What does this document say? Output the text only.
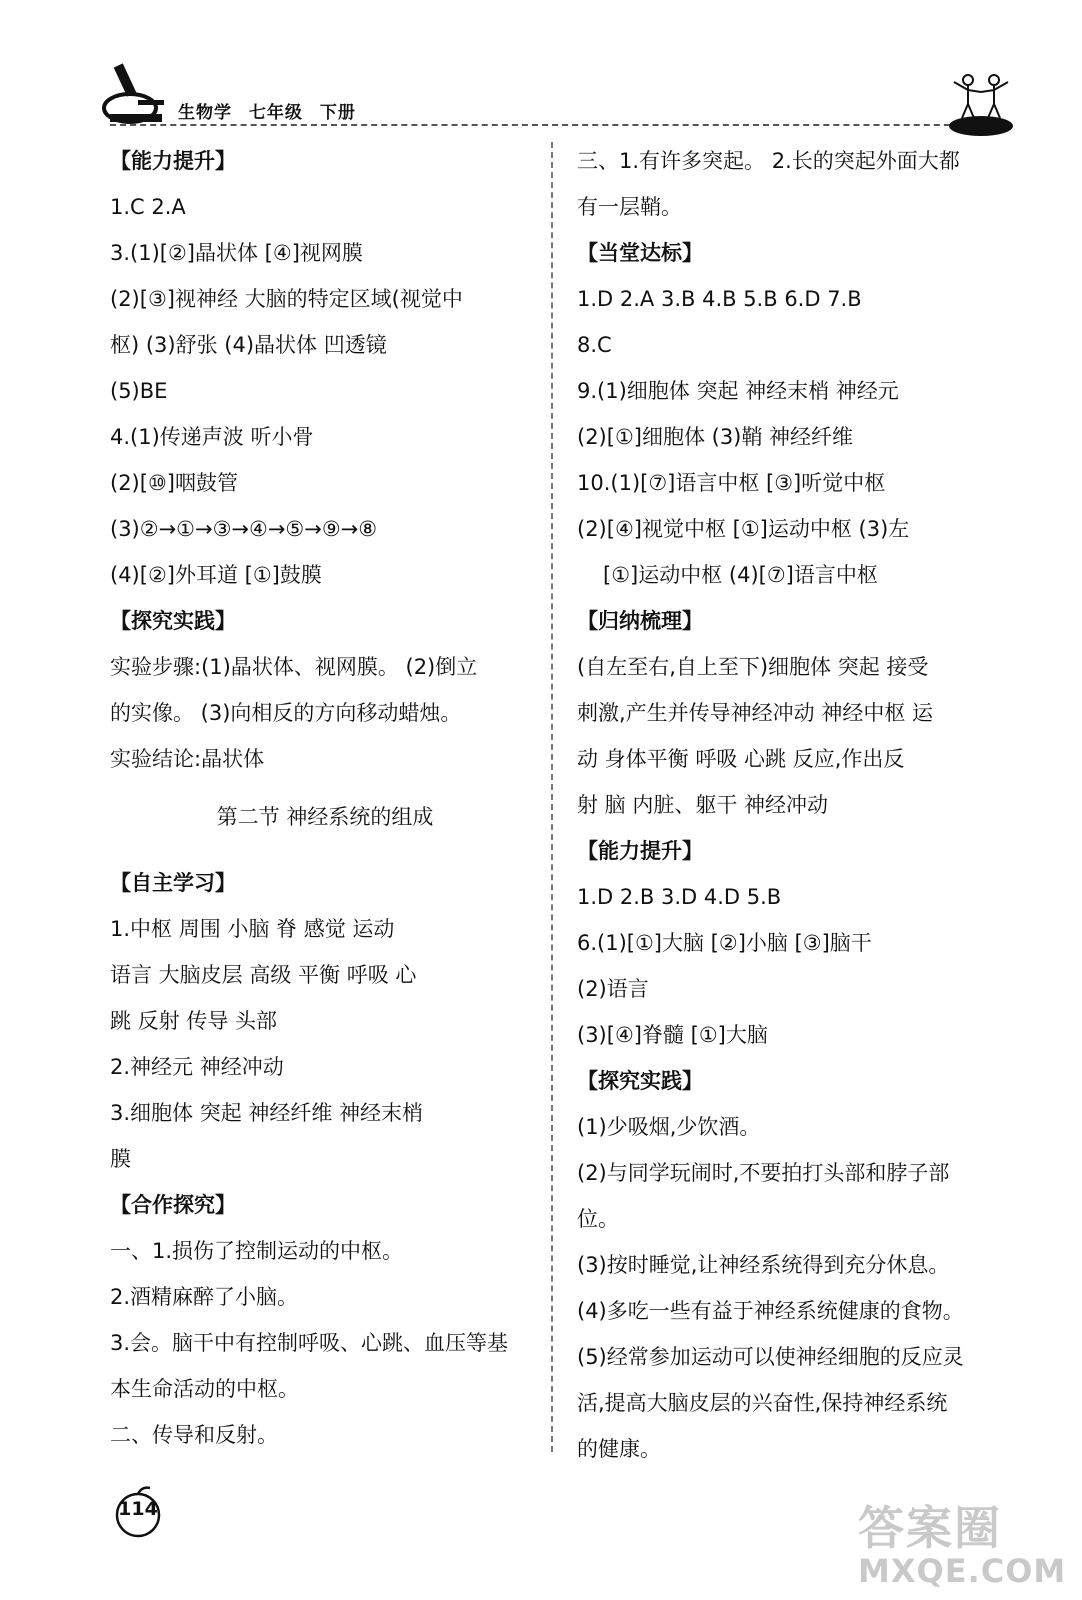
生物学 七年级 下册
【能力提升】
1.C 2.A
3.(1)[②]晶状体 [④]视网膜
(2)[③]视神经 大脑的特定区域(视觉中
枢) (3)舒张 (4)晶状体 凹透镜
(5)BE
4.(1)传递声波 听小骨
(2)[⑩]咽鼓管
(3)②→①→③→④→⑤→⑨→⑧
(4)[②]外耳道 [①]鼓膜
【探究实践】
实验步骤:(1)晶状体、视网膜。 (2)倒立
的实像。 (3)向相反的方向移动蜡烛。
实验结论:晶状体
第二节 神经系统的组成
【自主学习】
1.中枢 周围 小脑 脊 感觉 运动
语言 大脑皮层 高级 平衡 呼吸 心
跳 反射 传导 头部
2.神经元 神经冲动
3.细胞体 突起 神经纤维 神经末梢
膜
【合作探究】
一、1.损伤了控制运动的中枢。
2.酒精麻醉了小脑。
3.会。脑干中有控制呼吸、心跳、血压等基
本生命活动的中枢。
二、传导和反射。
三、1.有许多突起。 2.长的突起外面大都
有一层鞘。
【当堂达标】
1.D 2.A 3.B 4.B 5.B 6.D 7.B
8.C
9.(1)细胞体 突起 神经末梢 神经元
(2)[①]细胞体 (3)鞘 神经纤维
10.(1)[⑦]语言中枢 [③]听觉中枢
(2)[④]视觉中枢 [①]运动中枢 (3)左
[①]运动中枢 (4)[⑦]语言中枢
【归纳梳理】
(自左至右,自上至下)细胞体 突起 接受
刺激,产生并传导神经冲动 神经中枢 运
动 身体平衡 呼吸 心跳 反应,作出反
射 脑 内脏、躯干 神经冲动
【能力提升】
1.D 2.B 3.D 4.D 5.B
6.(1)[①]大脑 [②]小脑 [③]脑干
(2)语言
(3)[④]脊髓 [①]大脑
【探究实践】
(1)少吸烟,少饮酒。
(2)与同学玩闹时,不要拍打头部和脖子部
位。
(3)按时睡觉,让神经系统得到充分休息。
(4)多吃一些有益于神经系统健康的食物。
(5)经常参加运动可以使神经细胞的反应灵
活,提高大脑皮层的兴奋性,保持神经系统
的健康。
114	答案圈
MXQE.COM
